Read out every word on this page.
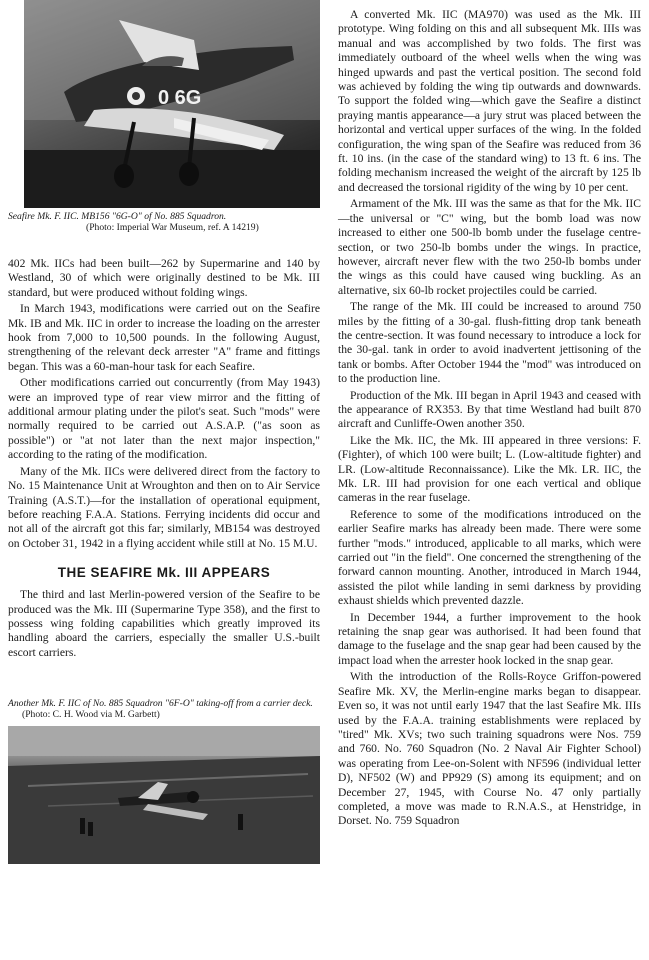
0 6G

Seafire Mk. F. IIC. MB156 "6G-O" of No. 885 Squadron.
(Photo: Imperial War Museum, ref. A 14219)

402 Mk. IICs had been built—262 by Supermarine and 140 by Westland, 30 of which were originally destined to be Mk. III standard, but were produced without folding wings.

In March 1943, modifications were carried out on the Seafire Mk. IB and Mk. IIC in order to increase the loading on the arrester hook from 7,000 to 10,500 pounds. In the following August, strengthening of the relevant deck arrester "A" frame and fittings began. This was a 60-man-hour task for each Seafire.

Other modifications carried out concurrently (from May 1943) were an improved type of rear view mirror and the fitting of additional armour plating under the pilot's seat. Such "mods" were normally required to be carried out A.S.A.P. ("as soon as possible") or "at not later than the next major inspection," according to the rating of the modification.

Many of the Mk. IICs were delivered direct from the factory to No. 15 Maintenance Unit at Wroughton and then on to Air Service Training (A.S.T.)—for the installation of operational equipment, before reaching F.A.A. Stations. Ferrying incidents did occur and not all of the aircraft got this far; similarly, MB154 was destroyed on October 31, 1942 in a flying accident while still at No. 15 M.U.

THE SEAFIRE Mk. III APPEARS

The third and last Merlin-powered version of the Seafire to be produced was the Mk. III (Supermarine Type 358), and the first to possess wing folding capabilities which greatly improved its handling aboard the carriers, especially the smaller U.S.-built escort carriers.

Another Mk. F. IIC of No. 885 Squadron "6F-O" taking-off from a carrier deck. (Photo: C. H. Wood via M. Garbett)

A converted Mk. IIC (MA970) was used as the Mk. III prototype. Wing folding on this and all subsequent Mk. IIIs was manual and was accomplished by two folds. The first was immediately outboard of the wheel wells when the wing was hinged upwards and past the vertical position. The second fold was achieved by folding the wing tip outwards and downwards. To support the folded wing—which gave the Seafire a distinct praying mantis appearance—a jury strut was placed between the horizontal and vertical upper surfaces of the wing. In the folded configuration, the wing span of the Seafire was reduced from 36 ft. 10 ins. (in the case of the standard wing) to 13 ft. 6 ins. The folding mechanism increased the weight of the aircraft by 125 lb and decreased the torsional rigidity of the wing by 10 per cent.

Armament of the Mk. III was the same as that for the Mk. IIC—the universal or "C" wing, but the bomb load was now increased to either one 500-lb bomb under the fuselage centre-section, or two 250-lb bombs under the wings. In practice, however, aircraft never flew with the two 250-lb bombs under the wings as this could have caused wing buckling. As an alternative, six 60-lb rocket projectiles could be carried.

The range of the Mk. III could be increased to around 750 miles by the fitting of a 30-gal. flush-fitting drop tank beneath the centre-section. It was found necessary to introduce a lock for the 30-gal. tank in order to avoid inadvertent jettisoning of the tank or bombs. After October 1944 the "mod" was introduced on to the production line.

Production of the Mk. III began in April 1943 and ceased with the appearance of RX353. By that time Westland had built 870 aircraft and Cunliffe-Owen another 350.

Like the Mk. IIC, the Mk. III appeared in three versions: F. (Fighter), of which 100 were built; L. (Low-altitude fighter) and LR. (Low-altitude Reconnaissance). Like the Mk. LR. IIC, the Mk. LR. III had provision for one each vertical and oblique cameras in the rear fuselage.

Reference to some of the modifications introduced on the earlier Seafire marks has already been made. There were some further "mods." introduced, applicable to all marks, which were carried out "in the field". One concerned the strengthening of the forward cannon mounting. Another, introduced in March 1944, assisted the pilot while landing in semi darkness by providing exhaust shields which prevented dazzle.

In December 1944, a further improvement to the hook retaining the snap gear was authorised. It had been found that damage to the fuselage and the snap gear had been caused by the impact load when the arrester hook locked in the snap gear.

With the introduction of the Rolls-Royce Griffon-powered Seafire Mk. XV, the Merlin-engine marks began to disappear. Even so, it was not until early 1947 that the last Seafire Mk. IIIs used by the F.A.A. training establishments were replaced by "tired" Mk. XVs; two such training squadrons were Nos. 759 and 760. No. 760 Squadron (No. 2 Naval Air Fighter School) was operating from Lee-on-Solent with NF596 (individual letter D), NF502 (W) and PP929 (S) among its equipment; and on December 27, 1945, with Course No. 47 only partially completed, a move was made to R.N.A.S., at Henstridge, in Dorset. No. 759 Squadron
